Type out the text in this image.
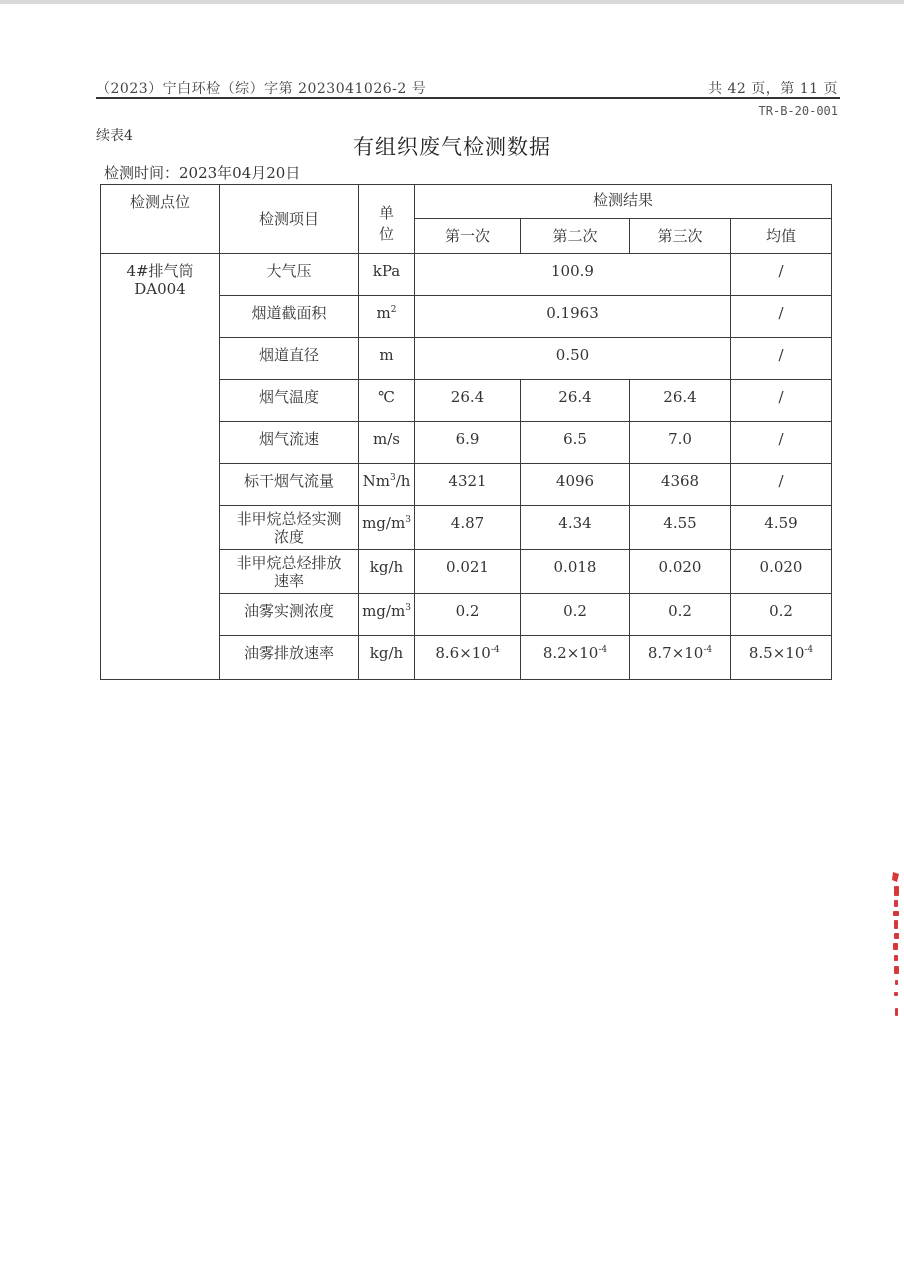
（2023）宁白环检（综）字第 2023041026-2 号	共 42 页，第 11 页
TR-B-20-001
续表4	有组织废气检测数据
检测时间：2023年04月20日
检测点位	检测项目	单位	检测结果			
			第一次	第二次	第三次	均值

4#排气筒
DA004	大气压	kPa	100.9			/
	烟道截面积	$m^2$	0.1963			/
	烟道直径	m	0.50			/
	烟气温度	℃	26.4	26.4	26.4	/
	烟气流速	m/s	6.9	6.5	7.0	/
	标干烟气流量	Nm$^3$/h	4321	4096	4368	/

	非甲烷总烃实测
浓度	$mg/m^3$	4.87	4.34	4.55	4.59

	非甲烷总烃排放
速率	kg/h	0.021	0.018	0.020	0.020
	油雾实测浓度	$mg/m^3$	0.2	0.2	0.2	0.2
	油雾排放速率	kg/h	$8.6\times 10^{-4}$	$8.2\times 10^{-4}$	$8.7\times 10^{-4}$	$8.5\times 10^{-4}$
